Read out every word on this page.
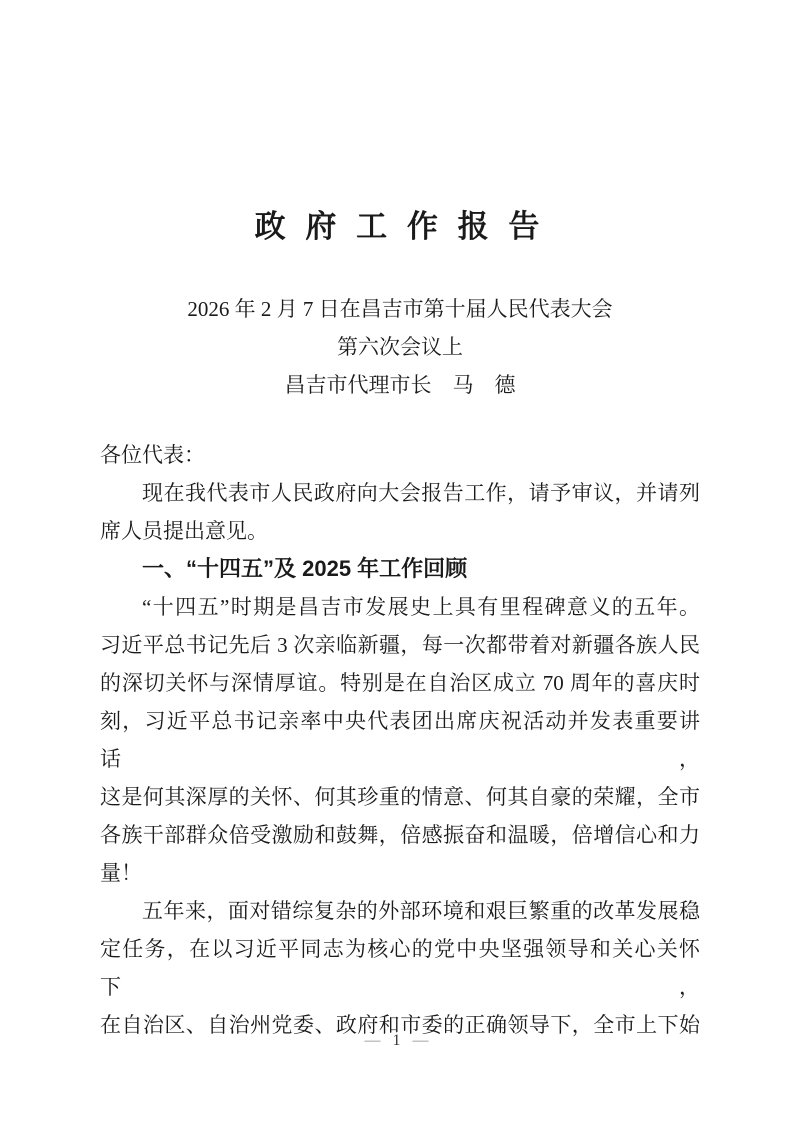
政 府 工 作 报 告
2026 年 2 月 7 日在昌吉市第十届人民代表大会
第六次会议上
昌吉市代理市长　马　德
各位代表：
现在我代表市人民政府向大会报告工作，请予审议，并请列
席人员提出意见。
一、“十四五”及 2025 年工作回顾
“十四五”时期是昌吉市发展史上具有里程碑意义的五年。
习近平总书记先后 3 次亲临新疆，每一次都带着对新疆各族人民
的深切关怀与深情厚谊。特别是在自治区成立 70 周年的喜庆时
刻，习近平总书记亲率中央代表团出席庆祝活动并发表重要讲话，
这是何其深厚的关怀、何其珍重的情意、何其自豪的荣耀，全市
各族干部群众倍受激励和鼓舞，倍感振奋和温暖，倍增信心和力
量！
五年来，面对错综复杂的外部环境和艰巨繁重的改革发展稳
定任务，在以习近平同志为核心的党中央坚强领导和关心关怀下，
在自治区、自治州党委、政府和市委的正确领导下，全市上下始
— 1 —
